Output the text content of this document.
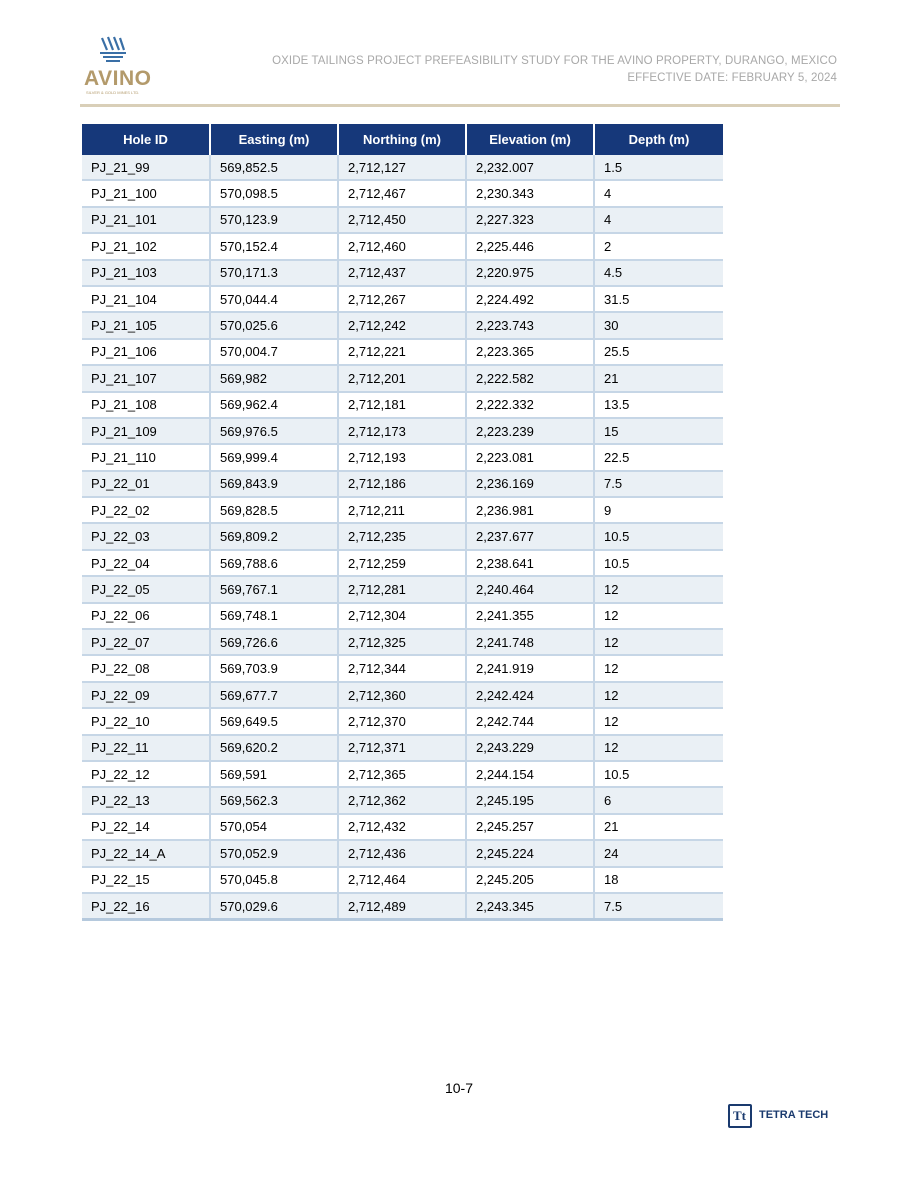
AVINO
SILVER & GOLD MINES LTD.
OXIDE TAILINGS PROJECT PREFEASIBILITY STUDY FOR THE AVINO PROPERTY, DURANGO, MEXICO
EFFECTIVE DATE: FEBRUARY 5, 2024
Hole ID	Easting (m)	Northing (m)	Elevation (m)	Depth (m)
PJ_21_99	569,852.5	2,712,127	2,232.007	1.5
PJ_21_100	570,098.5	2,712,467	2,230.343	4
PJ_21_101	570,123.9	2,712,450	2,227.323	4
PJ_21_102	570,152.4	2,712,460	2,225.446	2
PJ_21_103	570,171.3	2,712,437	2,220.975	4.5
PJ_21_104	570,044.4	2,712,267	2,224.492	31.5
PJ_21_105	570,025.6	2,712,242	2,223.743	30
PJ_21_106	570,004.7	2,712,221	2,223.365	25.5
PJ_21_107	569,982	2,712,201	2,222.582	21
PJ_21_108	569,962.4	2,712,181	2,222.332	13.5
PJ_21_109	569,976.5	2,712,173	2,223.239	15
PJ_21_110	569,999.4	2,712,193	2,223.081	22.5
PJ_22_01	569,843.9	2,712,186	2,236.169	7.5
PJ_22_02	569,828.5	2,712,211	2,236.981	9
PJ_22_03	569,809.2	2,712,235	2,237.677	10.5
PJ_22_04	569,788.6	2,712,259	2,238.641	10.5
PJ_22_05	569,767.1	2,712,281	2,240.464	12
PJ_22_06	569,748.1	2,712,304	2,241.355	12
PJ_22_07	569,726.6	2,712,325	2,241.748	12
PJ_22_08	569,703.9	2,712,344	2,241.919	12
PJ_22_09	569,677.7	2,712,360	2,242.424	12
PJ_22_10	569,649.5	2,712,370	2,242.744	12
PJ_22_11	569,620.2	2,712,371	2,243.229	12
PJ_22_12	569,591	2,712,365	2,244.154	10.5
PJ_22_13	569,562.3	2,712,362	2,245.195	6
PJ_22_14	570,054	2,712,432	2,245.257	21
PJ_22_14_A	570,052.9	2,712,436	2,245.224	24
PJ_22_15	570,045.8	2,712,464	2,245.205	18
PJ_22_16	570,029.6	2,712,489	2,243.345	7.5
10-7
Tt TETRA TECH
